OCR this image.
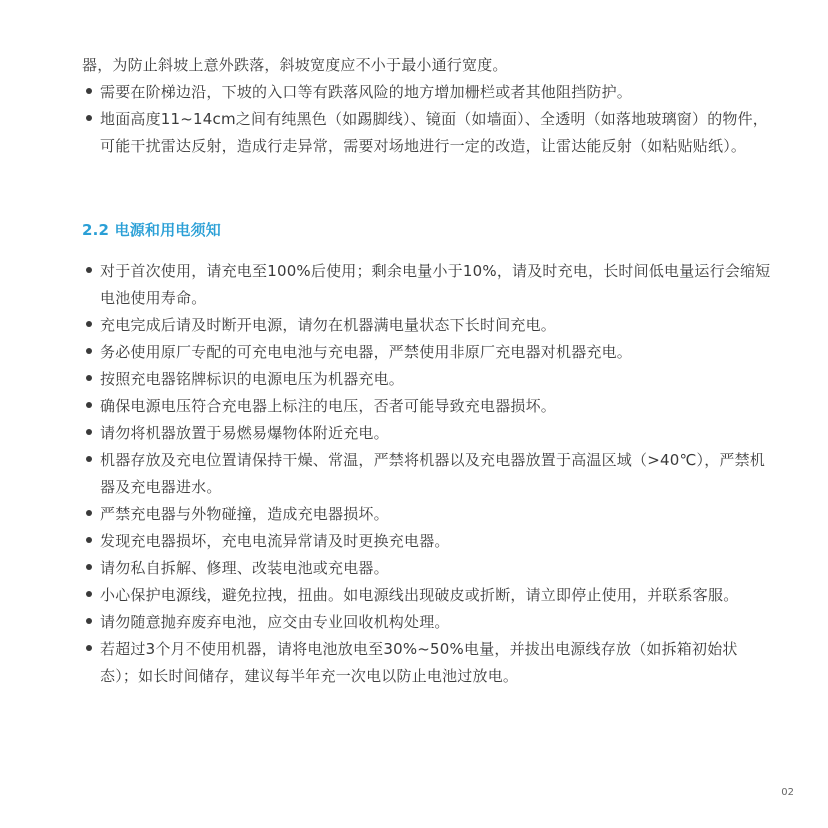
器，为防止斜坡上意外跌落，斜坡宽度应不小于最小通行宽度。

需要在阶梯边沿，下坡的入口等有跌落风险的地方增加栅栏或者其他阻挡防护。
地面高度11~14cm之间有纯黑色（如踢脚线）、镜面（如墙面）、全透明（如落地玻璃窗）的物件，可能干扰雷达反射，造成行走异常，需要对场地进行一定的改造，让雷达能反射（如粘贴贴纸）。
2.2 电源和用电须知
对于首次使用，请充电至100%后使用；剩余电量小于10%，请及时充电，长时间低电量运行会缩短电池使用寿命。
充电完成后请及时断开电源，请勿在机器满电量状态下长时间充电。
务必使用原厂专配的可充电电池与充电器，严禁使用非原厂充电器对机器充电。
按照充电器铭牌标识的电源电压为机器充电。
确保电源电压符合充电器上标注的电压，否者可能导致充电器损坏。
请勿将机器放置于易燃易爆物体附近充电。
机器存放及充电位置请保持干燥、常温，严禁将机器以及充电器放置于高温区域（>40℃），严禁机器及充电器进水。
严禁充电器与外物碰撞，造成充电器损坏。
发现充电器损坏，充电电流异常请及时更换充电器。
请勿私自拆解、修理、改装电池或充电器。
小心保护电源线，避免拉拽，扭曲。如电源线出现破皮或折断，请立即停止使用，并联系客服。
请勿随意抛弃废弃电池，应交由专业回收机构处理。
若超过3个月不使用机器，请将电池放电至30%~50%电量，并拔出电源线存放（如拆箱初始状态）；如长时间储存，建议每半年充一次电以防止电池过放电。
02
